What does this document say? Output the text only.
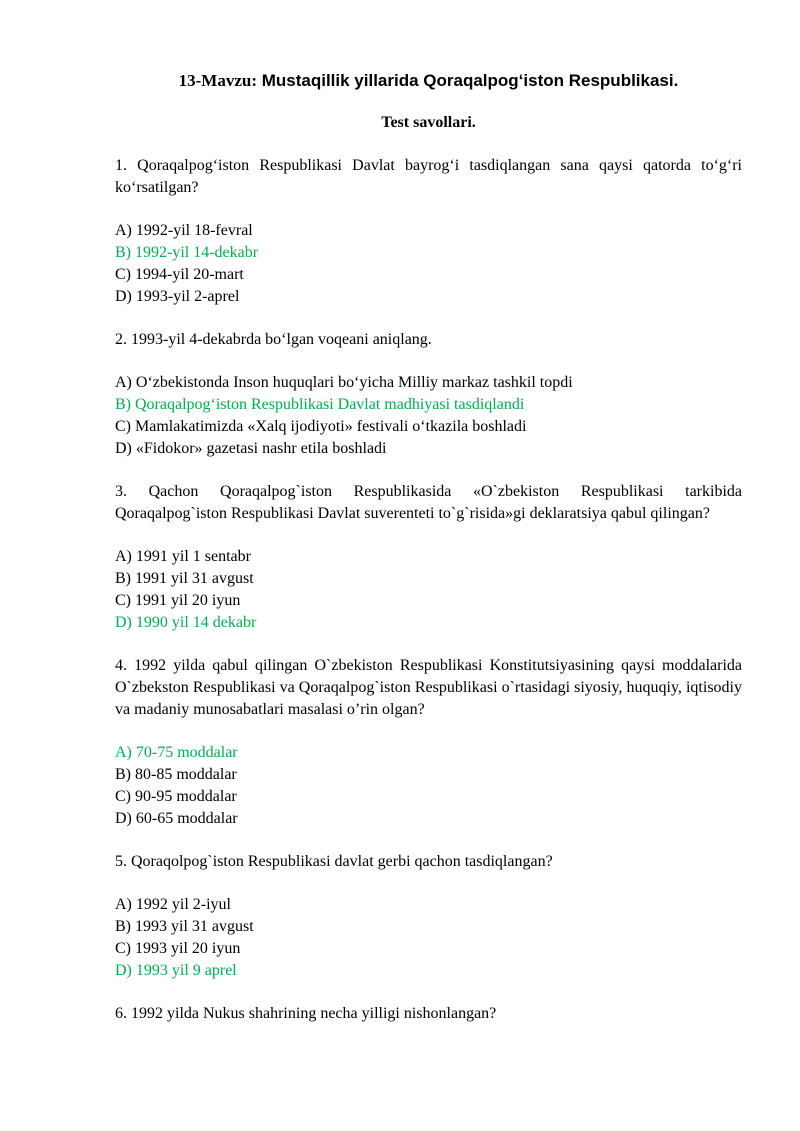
13-Mavzu: Mustaqillik yillarida Qoraqalpog‘iston Respublikasi.
Test savollari.

1. Qoraqalpog‘iston Respublikasi Davlat bayrog‘i tasdiqlangan sana qaysi qatorda to‘g‘ri ko‘rsatilgan?

A) 1992-yil 18-fevral
B) 1992-yil 14-dekabr
C) 1994-yil 20-mart
D) 1993-yil 2-aprel

2. 1993-yil 4-dekabrda bo‘lgan voqeani aniqlang.

A) O‘zbekistonda Inson huquqlari bo‘yicha Milliy markaz tashkil topdi
B) Qoraqalpog‘iston Respublikasi Davlat madhiyasi tasdiqlandi
C) Mamlakatimizda «Xalq ijodiyoti» festivali o‘tkazila boshladi
D) «Fidokor» gazetasi nashr etila boshladi

3. Qachon Qoraqalpog`iston Respublikasida «O`zbekiston Respublikasi tarkibida Qoraqalpog`iston Respublikasi Davlat suverenteti to`g`risida»gi deklaratsiya qabul qilingan?

A) 1991 yil 1 sentabr
B) 1991 yil 31 avgust
C) 1991 yil 20 iyun
D) 1990 yil 14 dekabr

4. 1992 yilda qabul qilingan O`zbekiston Respublikasi Konstitutsiyasining qaysi moddalarida O`zbekston Respublikasi va Qoraqalpog`iston Respublikasi o`rtasidagi siyosiy, huquqiy, iqtisodiy va madaniy munosabatlari masalasi o’rin olgan?

A) 70-75 moddalar
B) 80-85 moddalar
C) 90-95 moddalar
D) 60-65 moddalar

5. Qoraqolpog`iston Respublikasi davlat gerbi qachon tasdiqlangan?

A) 1992 yil 2-iyul
B) 1993 yil 31 avgust
C) 1993 yil 20 iyun
D) 1993 yil 9 aprel

6. 1992 yilda Nukus shahrining necha yilligi nishonlangan?
